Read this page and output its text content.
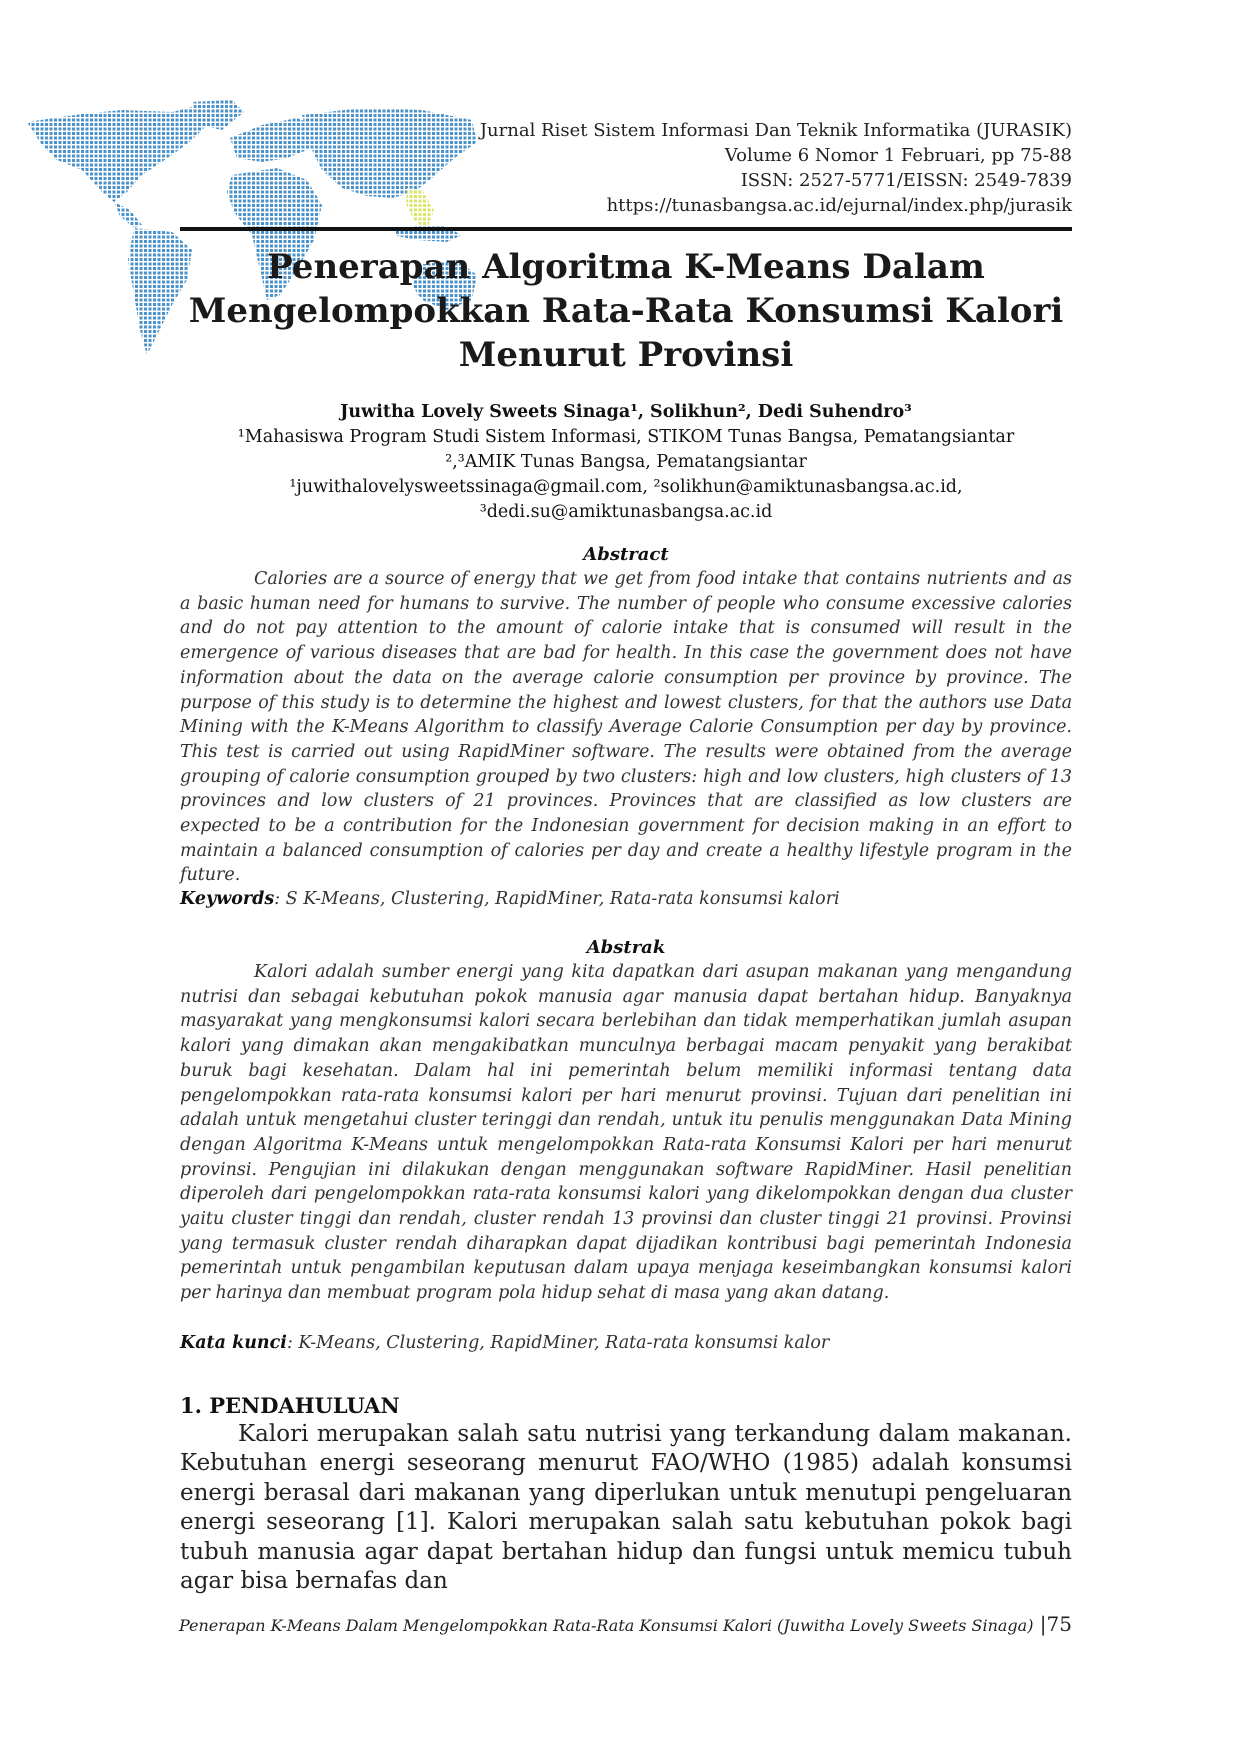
Jurnal Riset Sistem Informasi Dan Teknik Informatika (JURASIK)
Volume 6 Nomor 1 Februari, pp 75-88
ISSN: 2527-5771/EISSN: 2549-7839
https://tunasbangsa.ac.id/ejurnal/index.php/jurasik
Penerapan Algoritma K-Means Dalam
Mengelompokkan Rata-Rata Konsumsi Kalori
Menurut Provinsi
Juwitha Lovely Sweets Sinaga¹, Solikhun², Dedi Suhendro³
¹Mahasiswa Program Studi Sistem Informasi, STIKOM Tunas Bangsa, Pematangsiantar
²,³AMIK Tunas Bangsa, Pematangsiantar
¹juwithalovelysweetssinaga@gmail.com, ²solikhun@amiktunasbangsa.ac.id,
³dedi.su@amiktunasbangsa.ac.id
Abstract

Calories are a source of energy that we get from food intake that contains nutrients and as a basic human need for humans to survive. The number of people who consume excessive calories and do not pay attention to the amount of calorie intake that is consumed will result in the emergence of various diseases that are bad for health. In this case the government does not have information about the data on the average calorie consumption per province by province. The purpose of this study is to determine the highest and lowest clusters, for that the authors use Data Mining with the K-Means Algorithm to classify Average Calorie Consumption per day by province. This test is carried out using RapidMiner software. The results were obtained from the average grouping of calorie consumption grouped by two clusters: high and low clusters, high clusters of 13 provinces and low clusters of 21 provinces. Provinces that are classified as low clusters are expected to be a contribution for the Indonesian government for decision making in an effort to maintain a balanced consumption of calories per day and create a healthy lifestyle program in the future.

Keywords: S K-Means, Clustering, RapidMiner, Rata-rata konsumsi kalori
Abstrak

Kalori adalah sumber energi yang kita dapatkan dari asupan makanan yang mengandung nutrisi dan sebagai kebutuhan pokok manusia agar manusia dapat bertahan hidup. Banyaknya masyarakat yang mengkonsumsi kalori secara berlebihan dan tidak memperhatikan jumlah asupan kalori yang dimakan akan mengakibatkan munculnya berbagai macam penyakit yang berakibat buruk bagi kesehatan. Dalam hal ini pemerintah belum memiliki informasi tentang data pengelompokkan rata-rata konsumsi kalori per hari menurut provinsi. Tujuan dari penelitian ini adalah untuk mengetahui cluster teringgi dan rendah, untuk itu penulis menggunakan Data Mining dengan Algoritma K-Means untuk mengelompokkan Rata-rata Konsumsi Kalori per hari menurut provinsi. Pengujian ini dilakukan dengan menggunakan software RapidMiner. Hasil penelitian diperoleh dari pengelompokkan rata-rata konsumsi kalori yang dikelompokkan dengan dua cluster yaitu cluster tinggi dan rendah, cluster rendah 13 provinsi dan cluster tinggi 21 provinsi. Provinsi yang termasuk cluster rendah diharapkan dapat dijadikan kontribusi bagi pemerintah Indonesia pemerintah untuk pengambilan keputusan dalam upaya menjaga keseimbangkan konsumsi kalori per harinya dan membuat program pola hidup sehat di masa yang akan datang.

Kata kunci: K-Means, Clustering, RapidMiner, Rata-rata konsumsi kalor
1. PENDAHULUAN

Kalori merupakan salah satu nutrisi yang terkandung dalam makanan. Kebutuhan energi seseorang menurut FAO/WHO (1985) adalah konsumsi energi berasal dari makanan yang diperlukan untuk menutupi pengeluaran energi seseorang [1]. Kalori merupakan salah satu kebutuhan pokok bagi tubuh manusia agar dapat bertahan hidup dan fungsi untuk memicu tubuh agar bisa bernafas dan

Penerapan K-Means Dalam Mengelompokkan Rata-Rata Konsumsi Kalori (Juwitha Lovely Sweets Sinaga) |75
